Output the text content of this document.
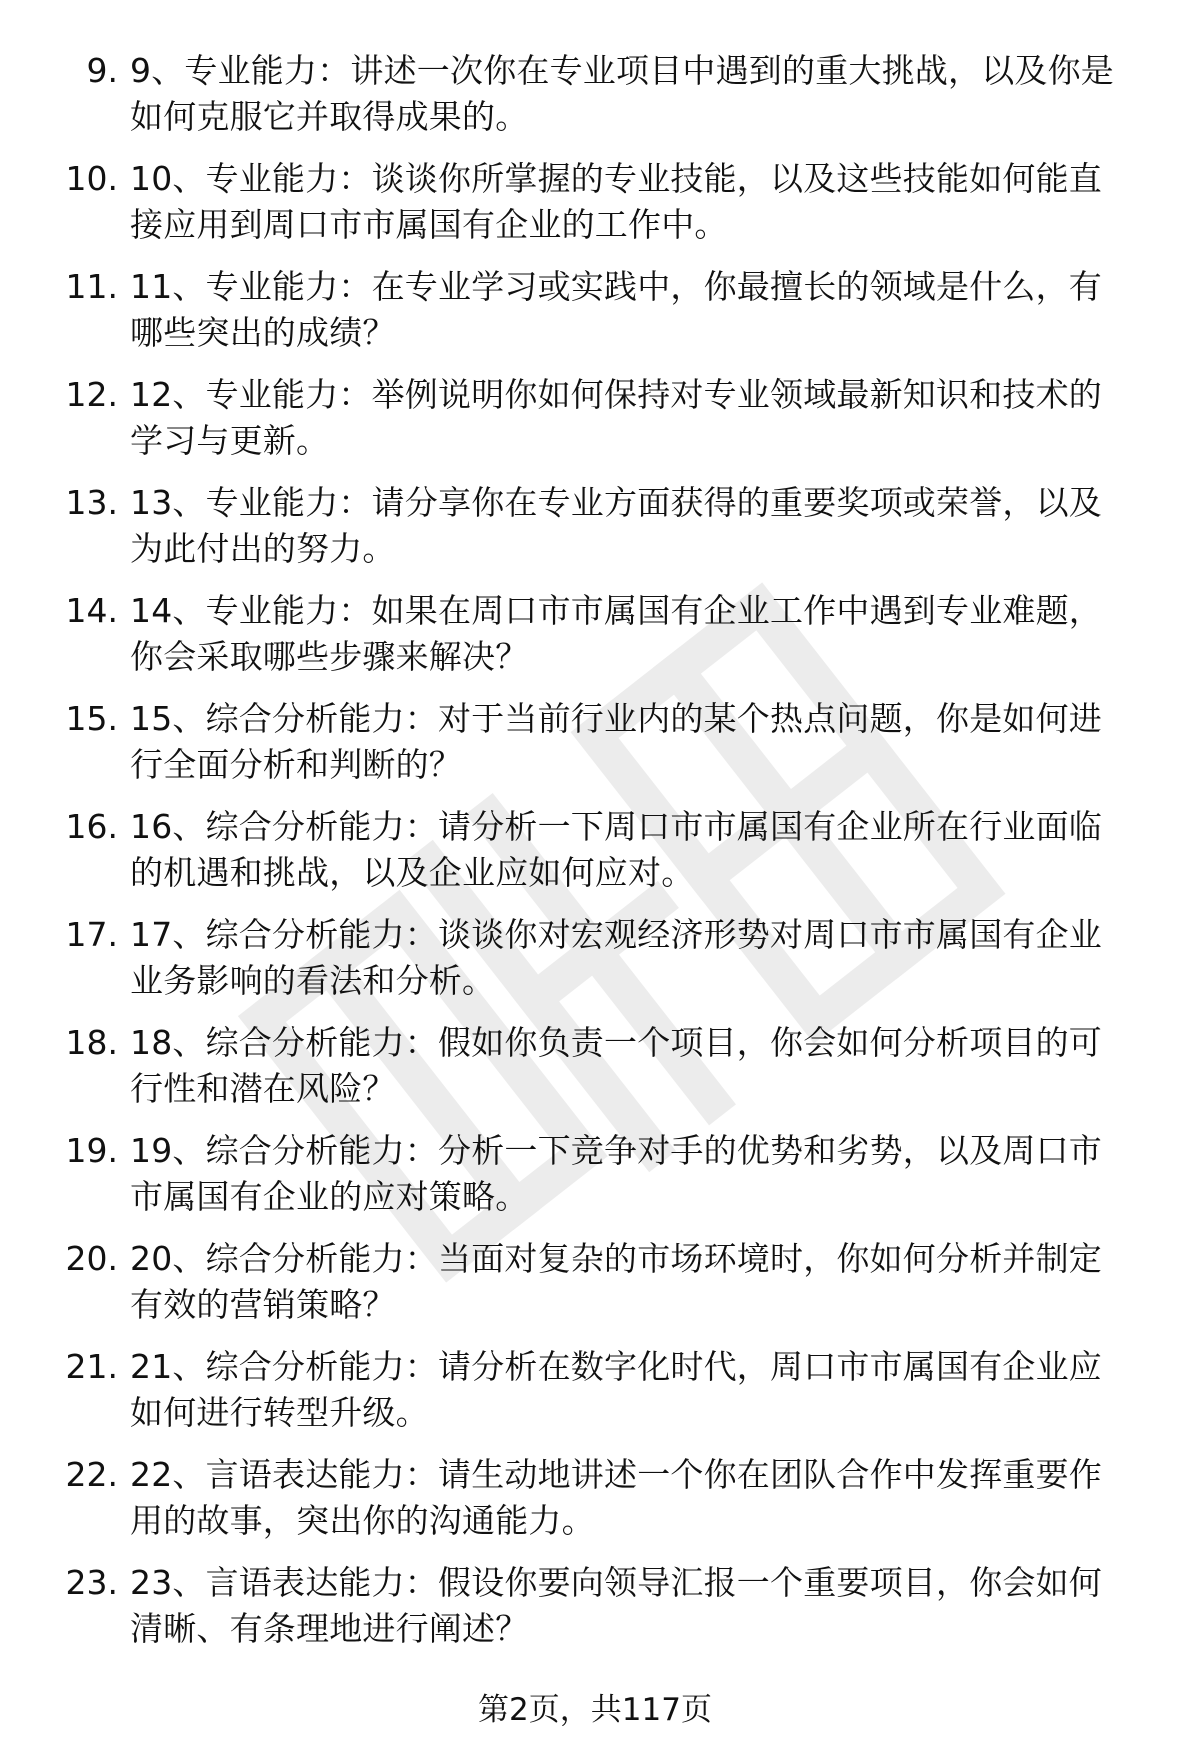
9. 9、专业能力：讲述一次你在专业项目中遇到的重大挑战，以及你是如何克服它并取得成果的。
10. 10、专业能力：谈谈你所掌握的专业技能，以及这些技能如何能直接应用到周口市市属国有企业的工作中。
11. 11、专业能力：在专业学习或实践中，你最擅长的领域是什么，有哪些突出的成绩？
12. 12、专业能力：举例说明你如何保持对专业领域最新知识和技术的学习与更新。
13. 13、专业能力：请分享你在专业方面获得的重要奖项或荣誉，以及为此付出的努力。
14. 14、专业能力：如果在周口市市属国有企业工作中遇到专业难题，你会采取哪些步骤来解决？
15. 15、综合分析能力：对于当前行业内的某个热点问题，你是如何进行全面分析和判断的？
16. 16、综合分析能力：请分析一下周口市市属国有企业所在行业面临的机遇和挑战，以及企业应如何应对。
17. 17、综合分析能力：谈谈你对宏观经济形势对周口市市属国有企业业务影响的看法和分析。
18. 18、综合分析能力：假如你负责一个项目，你会如何分析项目的可行性和潜在风险？
19. 19、综合分析能力：分析一下竞争对手的优势和劣势，以及周口市市属国有企业的应对策略。
20. 20、综合分析能力：当面对复杂的市场环境时，你如何分析并制定有效的营销策略？
21. 21、综合分析能力：请分析在数字化时代，周口市市属国有企业应如何进行转型升级。
22. 22、言语表达能力：请生动地讲述一个你在团队合作中发挥重要作用的故事，突出你的沟通能力。
23. 23、言语表达能力：假设你要向领导汇报一个重要项目，你会如何清晰、有条理地进行阐述？
第2页，共117页
